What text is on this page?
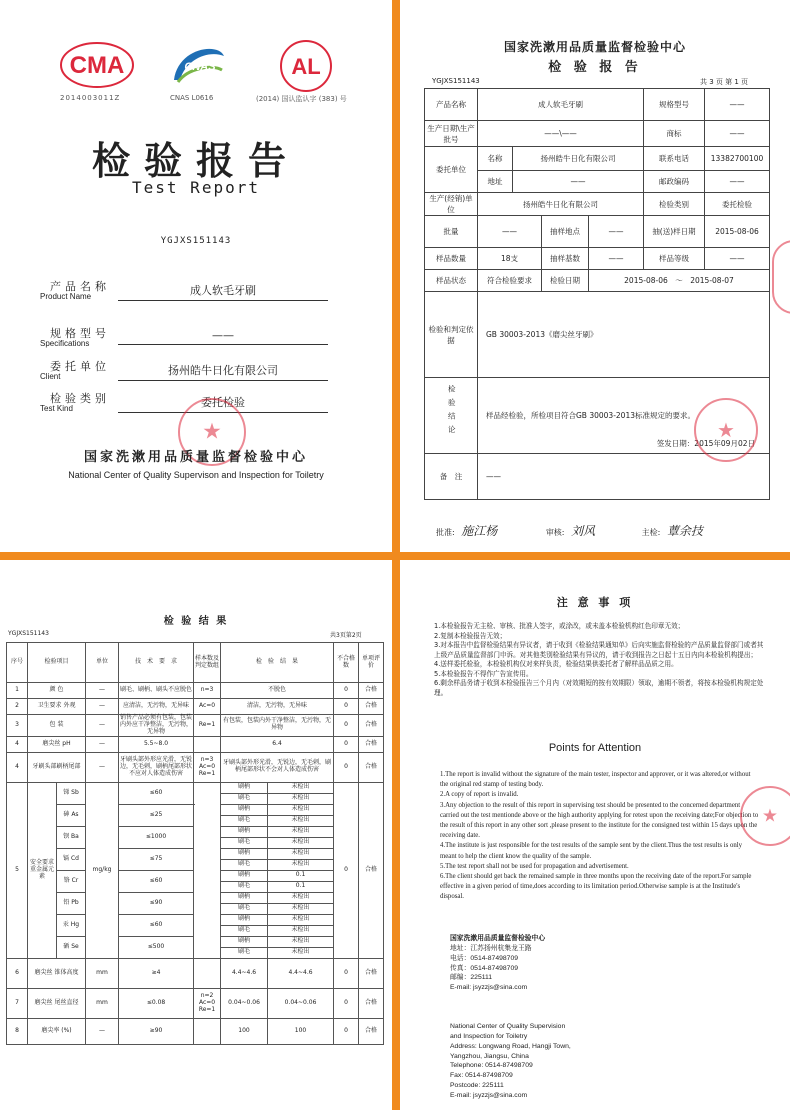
CMA
2014003011Z
CNAS
CNAS L0616
AL
(2014) 国认监认字 (383) 号
检验报告
Test Report
YGJXS151143
产品名称
Product Name	成人软毛牙刷
规格型号
Specifications
——
委托单位
Client	扬州皓牛日化有限公司
检验类别
Test Kind	委托检验
★
国家洗漱用品质量监督检验中心
National Center of Quality Supervison and Inspection for Toiletry
国家洗漱用品质量监督检验中心
检 验 报 告
YGJXS151143	共 3 页 第 1 页
产品名称	成人软毛牙刷				规格型号	——
生产日期\生产批号	——\——				商标	——
委托单位	名称	扬州皓牛日化有限公司			联系电话	13382700100
	地址	——			邮政编码	——
生产(经销)单位	扬州皓牛日化有限公司				检验类别	委托检验
批量	——		抽样地点	——	抽(送)样日期	2015-08-06
样品数量	18支		抽样基数	——	样品等级	——
样品状态	符合检验要求		检验日期	2015-08-06　～　2015-08-07		
检验和判定依　据	GB 30003-2013《磨尖丝牙刷》					
检验结论	样品经检验，所检项目符合GB 30003-2013标准规定的要求。
签发日期：2015年09月02日					

备　注	——					
★
批准: 施江杨	审核: 刘风	主检: 蕈余技
检 验 结 果
YGJXS151143	共3页第2页
序号	检验项目		单位	技　术　要　求	样本数及判定数组	检　验　结　果		不合格数	单项评价
1	颜 色		—	刷毛、刷柄、刷头不应脱色	n=3	不脱色		0	合格
2	卫生要求 外观		—	应清洁，无污物，无异味	Ac=0	清洁，无污物，无异味		0	合格
3	包 装		—	销售产品必须有包装，包装内外应干净整洁，无污物，无异物	Re=1	有包装，包装内外干净整洁，无污物，无异物		0	合格
4	磨尖丝 pH		—	5.5~8.0		6.4		0	合格
4	牙刷头部刷柄尾部		—	牙刷头部外形应光滑，无锐边，无毛刺，刷柄尾部形状不应对人体造成伤害	n=3 Ac=0 Re=1	牙刷头部外形光滑，无锐边，无毛刺，刷柄尾部形状不会对人体造成伤害		0	合格
5	安全要求 重金属元素	锑 Sb	mg/kg	≤60		刷柄	未检出	0	合格
						刷毛	未检出		
		砷 As		≤25		刷柄	未检出		
						刷毛	未检出		
		钡 Ba		≤1000		刷柄	未检出		
						刷毛	未检出		
		镉 Cd		≤75		刷柄	未检出		
						刷毛	未检出		
		铬 Cr		≤60		刷柄	0.1		
						刷毛	0.1		
		铅 Pb		≤90		刷柄	未检出		
						刷毛	未检出		
		汞 Hg		≤60		刷柄	未检出		
						刷毛	未检出		
		硒 Se		≤500		刷柄	未检出		
						刷毛	未检出		
6	磨尖丝 锥体高度		mm	≥4		4.4~4.6	4.4~4.6	0	合格
7	磨尖丝 尾丝直径		mm	≤0.08	n=2 Ac=0 Re=1	0.04~0.06	0.04~0.06	0	合格
8	磨尖率 (%)		—	≥90		100	100	0	合格
注 意 事 项
1.本检验报告无主检、审核、批准人签字，或涂改，或未盖本检验机构红色印章无效；
2.复制本检验报告无效；
3.对本报告中监督检验结果有异议者，请于收到《检验结果通知单》后向实施监督检验的产品质量监督部门或者其上级产品质量监督部门申诉。对其他类别检验结果有异议的，请于收到报告之日起十五日内向本检验机构提出；
4.送样委托检验，本检验机构仅对来样负责，检验结果供委托者了解样品品质之用。
5.本检验报告不得作广告宣传用。
6.剩余样品务请于收到本检验报告三个月内（对效期短的按有效期限）领取，逾期不领者，将按本检验机构规定处理。
Points for Attention
1.The report is invalid without the signature of the main tester, inspector and approver, or it was altered,or without the original red stamp of testing body.
2.A copy of report is invalid.
3.Any objection to the result of this report in supervising test should be presented to the concerned department carried out the test mentionde above or the high authority applying for retest upon the receiving date;For objection to the result of this report in any other sort ,please present to the institute for the consigned test within 15 days upon the receiving date.
4.The institute is just responsible for the test results of the sample sent by the client.Thus the test results is only meant to help the client know the quality of the sample.
5.The test report shall not be used for propagation and advertisement.
6.The client should get back the remained sample in three months upon the receiving date of the report.For sample effective in a given period of time,does according to its limitation period.Otherwise sample is at the Institude's disposal.
★
国家洗漱用品质量监督检验中心
地址：江苏扬州杭集龙王路
电话：0514-87498709
传真：0514-87498709
邮编：225111
E-mail: jsyzzjs@sina.com
National Center of Quality Supervision
and Inspection for Toiletry
Address: Longwang Road, Hangji Town,
Yangzhou, Jiangsu, China
Telephone: 0514-87498709
Fax: 0514-87498709
Postcode: 225111
E-mail: jsyzzjs@sina.com
